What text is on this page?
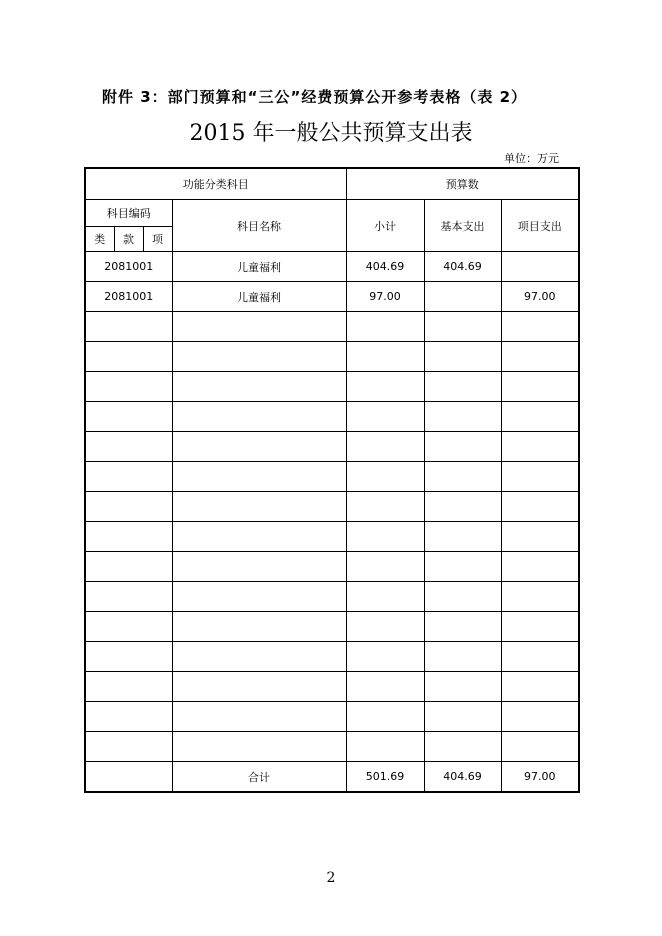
附件 3：部门预算和“三公”经费预算公开参考表格（表 2）
2015 年一般公共预算支出表
单位：万元
功能分类科目				预算数		
科目编码			科目名称	小计	基本支出	项目支出
类	款	项				
2081001			儿童福利	404.69	404.69	
2081001			儿童福利	97.00		97.00

			合计	501.69	404.69	97.00
2
